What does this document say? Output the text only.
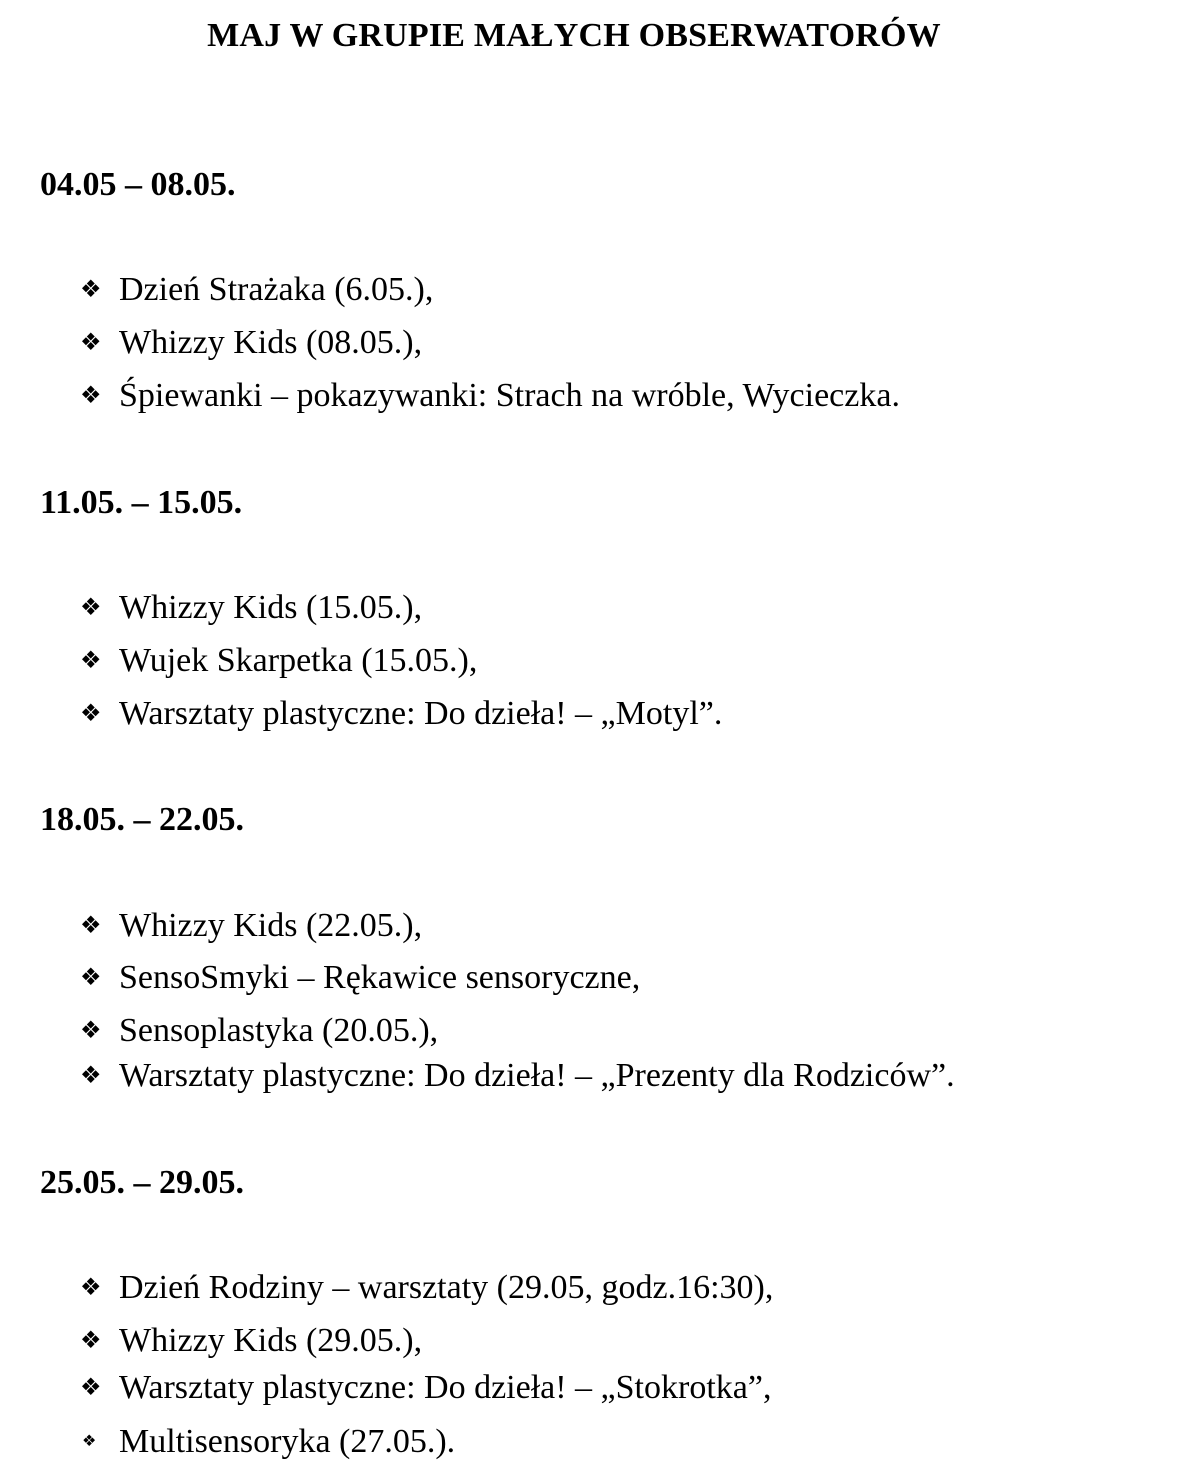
MAJ W GRUPIE MAŁYCH OBSERWATORÓW
04.05 – 08.05.
❖ Dzień Strażaka (6.05.),
❖ Whizzy Kids (08.05.),
❖ Śpiewanki – pokazywanki: Strach na wróble, Wycieczka.
11.05. – 15.05.
❖ Whizzy Kids (15.05.),
❖ Wujek Skarpetka (15.05.),
❖ Warsztaty plastyczne: Do dzieła! – „Motyl”.
18.05. – 22.05.
❖ Whizzy Kids (22.05.),
❖ SensoSmyki – Rękawice sensoryczne,
❖ Sensoplastyka (20.05.),
❖ Warsztaty plastyczne: Do dzieła! – „Prezenty dla Rodziców”.
25.05. – 29.05.
❖ Dzień Rodziny – warsztaty (29.05, godz.16:30),
❖ Whizzy Kids (29.05.),
❖ Warsztaty plastyczne: Do dzieła! – „Stokrotka”,
❖ Multisensoryka (27.05.).
